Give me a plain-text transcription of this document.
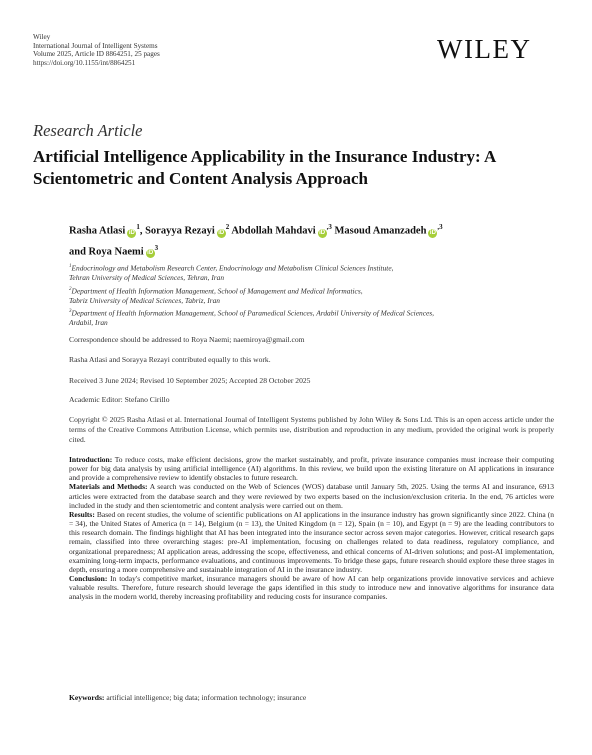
Wiley
International Journal of Intelligent Systems
Volume 2025, Article ID 8864251, 25 pages
https://doi.org/10.1155/int/8864251	WILEY
Research Article
Artificial Intelligence Applicability in the Insurance Industry: A Scientometric and Content Analysis Approach
Rasha Atlasi $iD^1$, Sorayya Rezayi $iD^2$ Abdollah Mahdavi $iD^{,3}$ Masoud Amanzadeh $iD^{,3}$
and Roya Naemi $iD^3$
$^1$Endocrinology and Metabolism Research Center, Endocrinology and Metabolism Clinical Sciences Institute,
Tehran University of Medical Sciences, Tehran, Iran
$^2$Department of Health Information Management, School of Management and Medical Informatics,
Tabriz University of Medical Sciences, Tabriz, Iran
$^3$Department of Health Information Management, School of Paramedical Sciences, Ardabil University of Medical Sciences,
Ardabil, Iran
Correspondence should be addressed to Roya Naemi; naemiroya@gmail.com
Rasha Atlasi and Sorayya Rezayi contributed equally to this work.
Received 3 June 2024; Revised 10 September 2025; Accepted 28 October 2025
Academic Editor: Stefano Cirillo
Copyright © 2025 Rasha Atlasi et al. International Journal of Intelligent Systems published by John Wiley & Sons Ltd. This is an open access article under the terms of the Creative Commons Attribution License, which permits use, distribution and reproduction in any medium, provided the original work is properly cited.

Introduction: To reduce costs, make efficient decisions, grow the market sustainably, and profit, private insurance companies must increase their computing power for big data analysis by using artificial intelligence (AI) algorithms. In this review, we build upon the existing literature on AI applications in insurance and provide a comprehensive review to identify obstacles to future research.

Materials and Methods: A search was conducted on the Web of Sciences (WOS) database until January 5th, 2025. Using the terms AI and insurance, 6913 articles were extracted from the database search and they were reviewed by two experts based on the inclusion/exclusion criteria. In the end, 76 articles were included in the study and then scientometric and content analysis were carried out on them.

Results: Based on recent studies, the volume of scientific publications on AI applications in the insurance industry has grown significantly since 2022. China (n = 34), the United States of America (n = 14), Belgium (n = 13), the United Kingdom (n = 12), Spain (n = 10), and Egypt (n = 9) are the leading contributors to this research domain. The findings highlight that AI has been integrated into the insurance sector across seven major categories. However, critical research gaps remain, classified into three overarching stages: pre-AI implementation, focusing on challenges related to data readiness, regulatory compliance, and organizational preparedness; AI application areas, addressing the scope, effectiveness, and ethical concerns of AI-driven solutions; and post-AI implementation, examining long-term impacts, performance evaluations, and continuous improvements. To bridge these gaps, future research should explore these three stages in depth, ensuring a more comprehensive and sustainable integration of AI in the insurance industry.

Conclusion: In today's competitive market, insurance managers should be aware of how AI can help organizations provide innovative services and achieve valuable results. Therefore, future research should leverage the gaps identified in this study to introduce new and innovative algorithms for insurance data analysis in the modern world, thereby increasing profitability and reducing costs for insurance companies.

Keywords: artificial intelligence; big data; information technology; insurance
